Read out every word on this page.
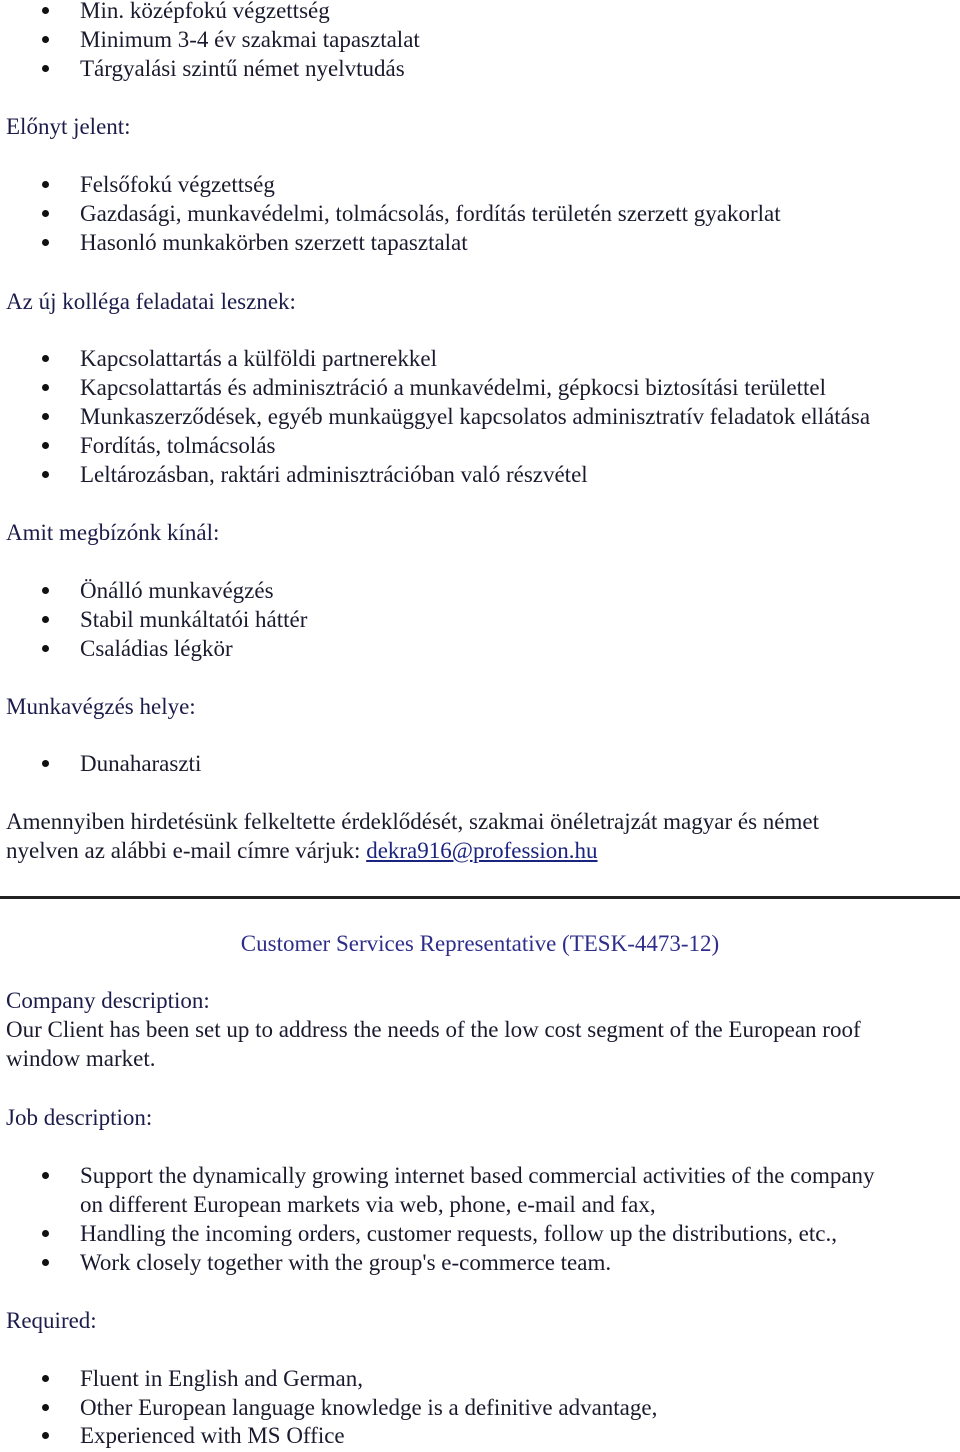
Min. középfokú végzettség
Minimum 3-4 év szakmai tapasztalat
Tárgyalási szintű német nyelvtudás
Előnyt jelent:
Felsőfokú végzettség
Gazdasági, munkavédelmi, tolmácsolás, fordítás területén szerzett gyakorlat
Hasonló munkakörben szerzett tapasztalat
Az új kolléga feladatai lesznek:
Kapcsolattartás a külföldi partnerekkel
Kapcsolattartás és adminisztráció a munkavédelmi, gépkocsi biztosítási területtel
Munkaszerződések, egyéb munkaüggyel kapcsolatos adminisztratív feladatok ellátása
Fordítás, tolmácsolás
Leltározásban, raktári adminisztrációban való részvétel
Amit megbízónk kínál:
Önálló munkavégzés
Stabil munkáltatói háttér
Családias légkör
Munkavégzés helye:
Dunaharaszti
Amennyiben hirdetésünk felkeltette érdeklődését, szakmai önéletrajzát magyar és német
nyelven az alábbi e-mail címre várjuk: dekra916@profession.hu
Customer Services Representative (TESK-4473-12)
Company description:
Our Client has been set up to address the needs of the low cost segment of the European roof
window market.
Job description:
Support the dynamically growing internet based commercial activities of the company
on different European markets via web, phone, e-mail and fax,
Handling the incoming orders, customer requests, follow up the distributions, etc.,
Work closely together with the group's e-commerce team.
Required:
Fluent in English and German,
Other European language knowledge is a definitive advantage,
Experienced with MS Office
